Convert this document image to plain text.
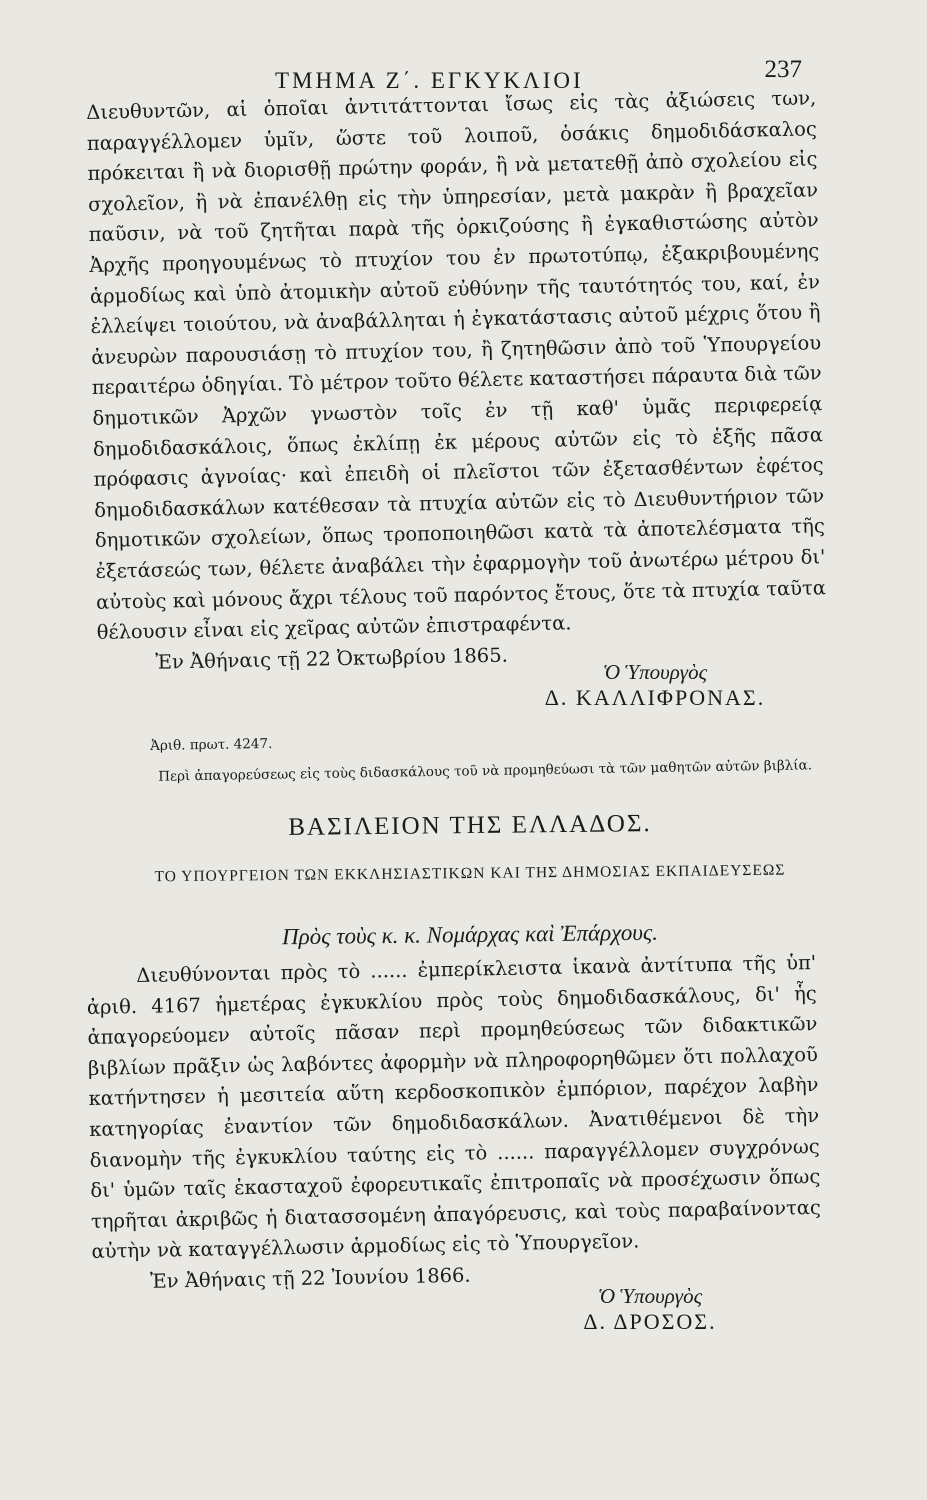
ΤΜΗΜΑ Ζ΄. ΕΓΚΥΚΛΙΟΙ	237

Διευθυντῶν, αἱ ὁποῖαι ἀντιτάττονται ἴσως εἰς τὰς ἀξιώσεις των, παραγγέλλομεν ὑμῖν, ὥστε τοῦ λοιποῦ, ὁσάκις δημοδιδάσκαλος πρόκειται ἢ νὰ διορισθῇ πρώτην φοράν, ἢ νὰ μετατεθῇ ἀπὸ σχολείου εἰς σχολεῖον, ἢ νὰ ἐπανέλθῃ εἰς τὴν ὑπηρεσίαν, μετὰ μακρὰν ἢ βραχεῖαν παῦσιν, νὰ τοῦ ζητῆται παρὰ τῆς ὁρκιζούσης ἢ ἐγκαθιστώσης αὐτὸν Ἀρχῆς προηγουμένως τὸ πτυχίον του ἐν πρωτοτύπῳ, ἐξακριβουμένης ἁρμοδίως καὶ ὑπὸ ἀτομικὴν αὐτοῦ εὐθύνην τῆς ταυτότητός του, καί, ἐν ἐλλείψει τοιούτου, νὰ ἀναβάλληται ἡ ἐγκατάστασις αὐτοῦ μέχρις ὅτου ἢ ἀνευρὼν παρουσιάσῃ τὸ πτυχίον του, ἢ ζητηθῶσιν ἀπὸ τοῦ Ὑπουργείου περαιτέρω ὁδηγίαι. Τὸ μέτρον τοῦτο θέλετε καταστήσει πάραυτα διὰ τῶν δημοτικῶν Ἀρχῶν γνωστὸν τοῖς ἐν τῇ καθ' ὑμᾶς περιφερείᾳ δημοδιδασκάλοις, ὅπως ἐκλίπῃ ἐκ μέρους αὐτῶν εἰς τὸ ἑξῆς πᾶσα πρόφασις ἀγνοίας· καὶ ἐπειδὴ οἱ πλεῖστοι τῶν ἐξετασθέντων ἐφέτος δημοδιδασκάλων κατέθεσαν τὰ πτυχία αὐτῶν εἰς τὸ Διευθυντήριον τῶν δημοτικῶν σχολείων, ὅπως τροποποιηθῶσι κατὰ τὰ ἀποτελέσματα τῆς ἐξετάσεώς των, θέλετε ἀναβάλει τὴν ἐφαρμογὴν τοῦ ἀνωτέρω μέτρου δι' αὐτοὺς καὶ μόνους ἄχρι τέλους τοῦ παρόντος ἔτους, ὅτε τὰ πτυχία ταῦτα θέλουσιν εἶναι εἰς χεῖρας αὐτῶν ἐπιστραφέντα.

Ἐν Ἀθήναις τῇ 22 Ὀκτωβρίου 1865.	Ὁ Ὑπουργὸς
Δ. ΚΑΛΛΙΦΡΟΝΑΣ.
Ἀριθ. πρωτ. 4247.
Περὶ ἀπαγορεύσεως εἰς τοὺς διδασκάλους τοῦ νὰ προμηθεύωσι τὰ τῶν μαθητῶν αὐτῶν βιβλία.
ΒΑΣΙΛΕΙΟΝ ΤΗΣ ΕΛΛΑΔΟΣ.
ΤΟ ΥΠΟΥΡΓΕΙΟΝ ΤΩΝ ΕΚΚΛΗΣΙΑΣΤΙΚΩΝ ΚΑΙ ΤΗΣ ΔΗΜΟΣΙΑΣ ΕΚΠΑΙΔΕΥΣΕΩΣ
Πρὸς τοὺς κ. κ. Νομάρχας καὶ Ἐπάρχους.

Διευθύνονται πρὸς τὸ ...... ἐμπερίκλειστα ἱκανὰ ἀντίτυπα τῆς ὑπ' ἀριθ. 4167 ἡμετέρας ἐγκυκλίου πρὸς τοὺς δημοδιδασκάλους, δι' ἧς ἀπαγορεύομεν αὐτοῖς πᾶσαν περὶ προμηθεύσεως τῶν διδακτικῶν βιβλίων πρᾶξιν ὡς λαβόντες ἀφορμὴν νὰ πληροφορηθῶμεν ὅτι πολλαχοῦ κατήντησεν ἡ μεσιτεία αὕτη κερδοσκοπικὸν ἐμπόριον, παρέχον λαβὴν κατηγορίας ἐναντίον τῶν δημοδιδασκάλων. Ἀνατιθέμενοι δὲ τὴν διανομὴν τῆς ἐγκυκλίου ταύτης εἰς τὸ ...... παραγγέλλομεν συγχρόνως δι' ὑμῶν ταῖς ἑκασταχοῦ ἐφορευτικαῖς ἐπιτροπαῖς νὰ προσέχωσιν ὅπως τηρῆται ἀκριβῶς ἡ διατασσομένη ἀπαγόρευσις, καὶ τοὺς παραβαίνοντας αὐτὴν νὰ καταγγέλλωσιν ἁρμοδίως εἰς τὸ Ὑπουργεῖον.

Ἐν Ἀθήναις τῇ 22 Ἰουνίου 1866.

Ὁ Ὑπουργὸς
Δ. ΔΡΟΣΟΣ.
